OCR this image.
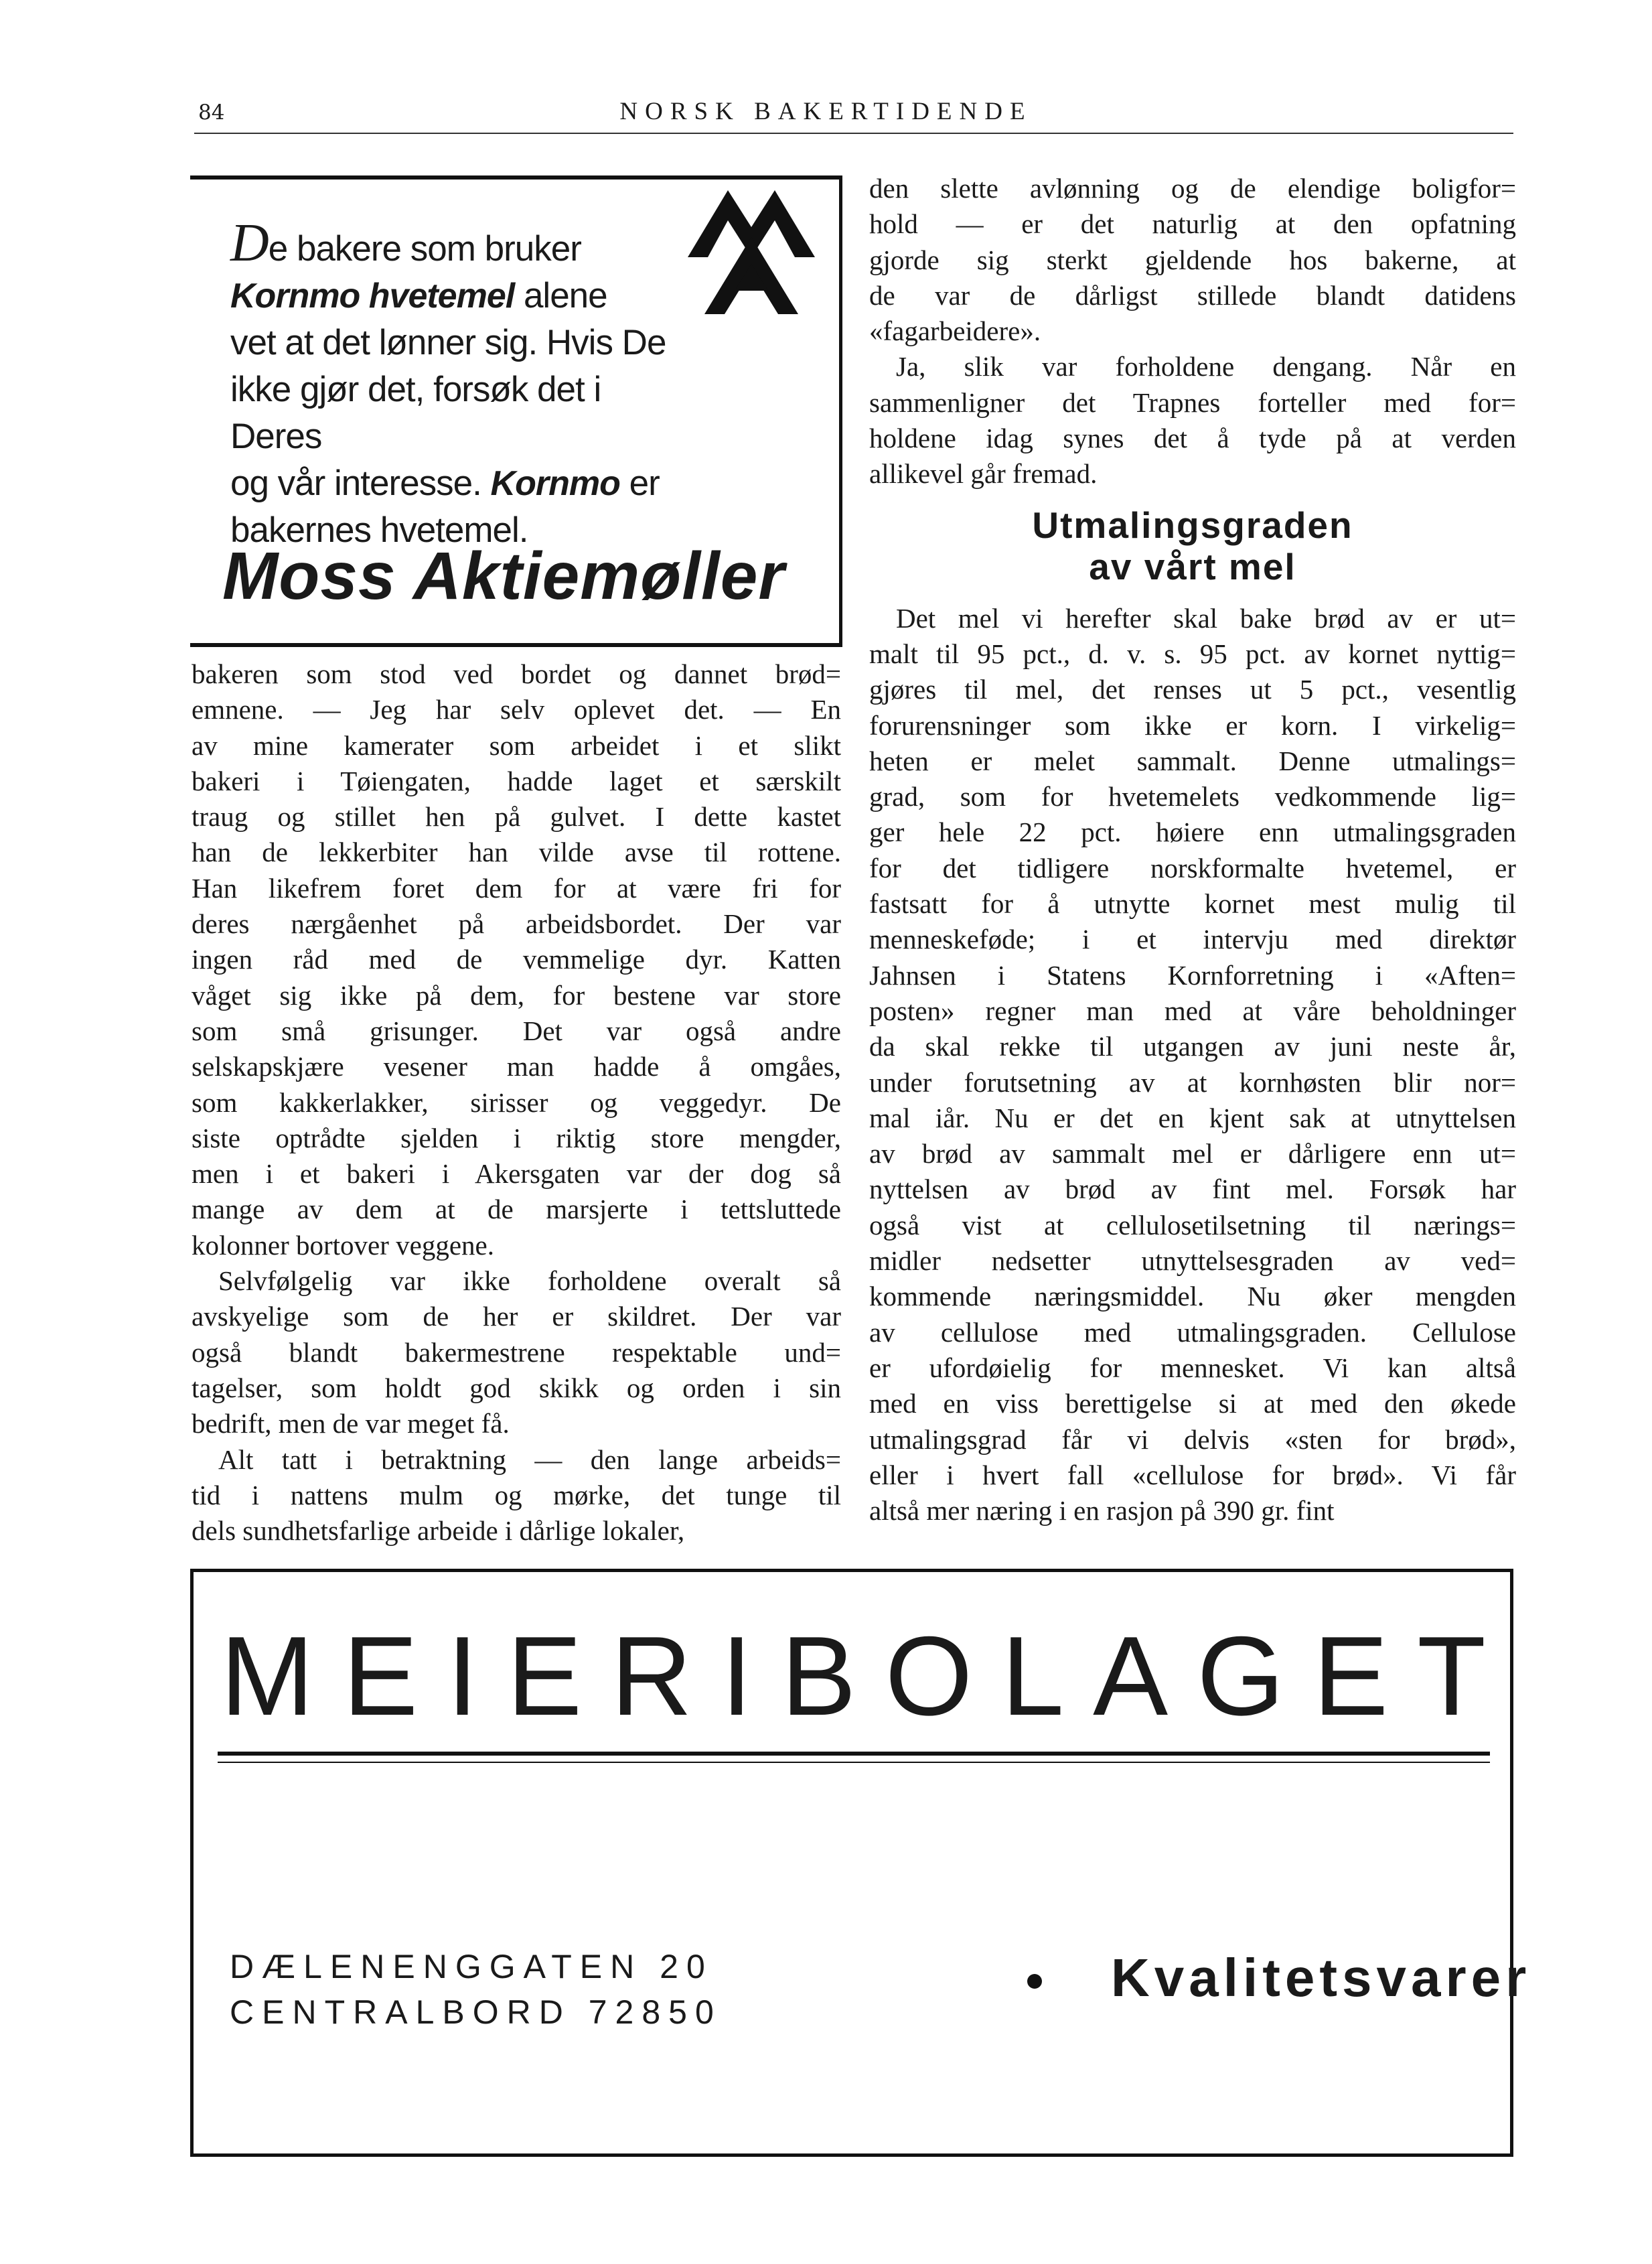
84	NORSK BAKERTIDENDE
De bakere som bruker
Kornmo hvetemel alene
vet at det lønner sig. Hvis De
ikke gjør det, forsøk det i Deres
og vår interesse. Kornmo er
bakernes hvetemel.
Moss Aktiemøller
bakeren som stod ved bordet og dannet brød=
emnene. — Jeg har selv oplevet det. — En
av mine kamerater som arbeidet i et slikt
bakeri i Tøiengaten, hadde laget et særskilt
traug og stillet hen på gulvet. I dette kastet
han de lekkerbiter han vilde avse til rottene.
Han likefrem foret dem for at være fri for
deres nærgåenhet på arbeidsbordet. Der var
ingen råd med de vemmelige dyr. Katten
våget sig ikke på dem, for bestene var store
som små grisunger. Det var også andre
selskapskjære vesener man hadde å omgåes,
som kakkerlakker, sirisser og veggedyr. De
siste optrådte sjelden i riktig store mengder,
men i et bakeri i Akersgaten var der dog så
mange av dem at de marsjerte i tettsluttede
kolonner bortover veggene.
Selvfølgelig var ikke forholdene overalt så
avskyelige som de her er skildret. Der var
også blandt bakermestrene respektable und=
tagelser, som holdt god skikk og orden i sin
bedrift, men de var meget få.
Alt tatt i betraktning — den lange arbeids=
tid i nattens mulm og mørke, det tunge til
dels sundhetsfarlige arbeide i dårlige lokaler,
den slette avlønning og de elendige boligfor=
hold — er det naturlig at den opfatning
gjorde sig sterkt gjeldende hos bakerne, at
de var de dårligst stillede blandt datidens
«fagarbeidere».
Ja, slik var forholdene dengang. Når en
sammenligner det Trapnes forteller med for=
holdene idag synes det å tyde på at verden
allikevel går fremad.
Utmalingsgraden
av vårt mel
Det mel vi herefter skal bake brød av er ut=
malt til 95 pct., d. v. s. 95 pct. av kornet nyttig=
gjøres til mel, det renses ut 5 pct., vesentlig
forurensninger som ikke er korn. I virkelig=
heten er melet sammalt. Denne utmalings=
grad, som for hvetemelets vedkommende lig=
ger hele 22 pct. høiere enn utmalingsgraden
for det tidligere norskformalte hvetemel, er
fastsatt for å utnytte kornet mest mulig til
menneskeføde; i et intervju med direktør
Jahnsen i Statens Kornforretning i «Aften=
posten» regner man med at våre beholdninger
da skal rekke til utgangen av juni neste år,
under forutsetning av at kornhøsten blir nor=
mal iår. Nu er det en kjent sak at utnyttelsen
av brød av sammalt mel er dårligere enn ut=
nyttelsen av brød av fint mel. Forsøk har
også vist at cellulosetilsetning til nærings=
midler nedsetter utnyttelsesgraden av ved=
kommende næringsmiddel. Nu øker mengden
av cellulose med utmalingsgraden. Cellulose
er ufordøielig for mennesket. Vi kan altså
med en viss berettigelse si at med den økede
utmalingsgrad får vi delvis «sten for brød»,
eller i hvert fall «cellulose for brød». Vi får
altså mer næring i en rasjon på 390 gr. fint
M E I E R I B O L A G E T
DÆLENENGGATEN 20
CENTRALBORD 72850
Kvalitetsvarer
